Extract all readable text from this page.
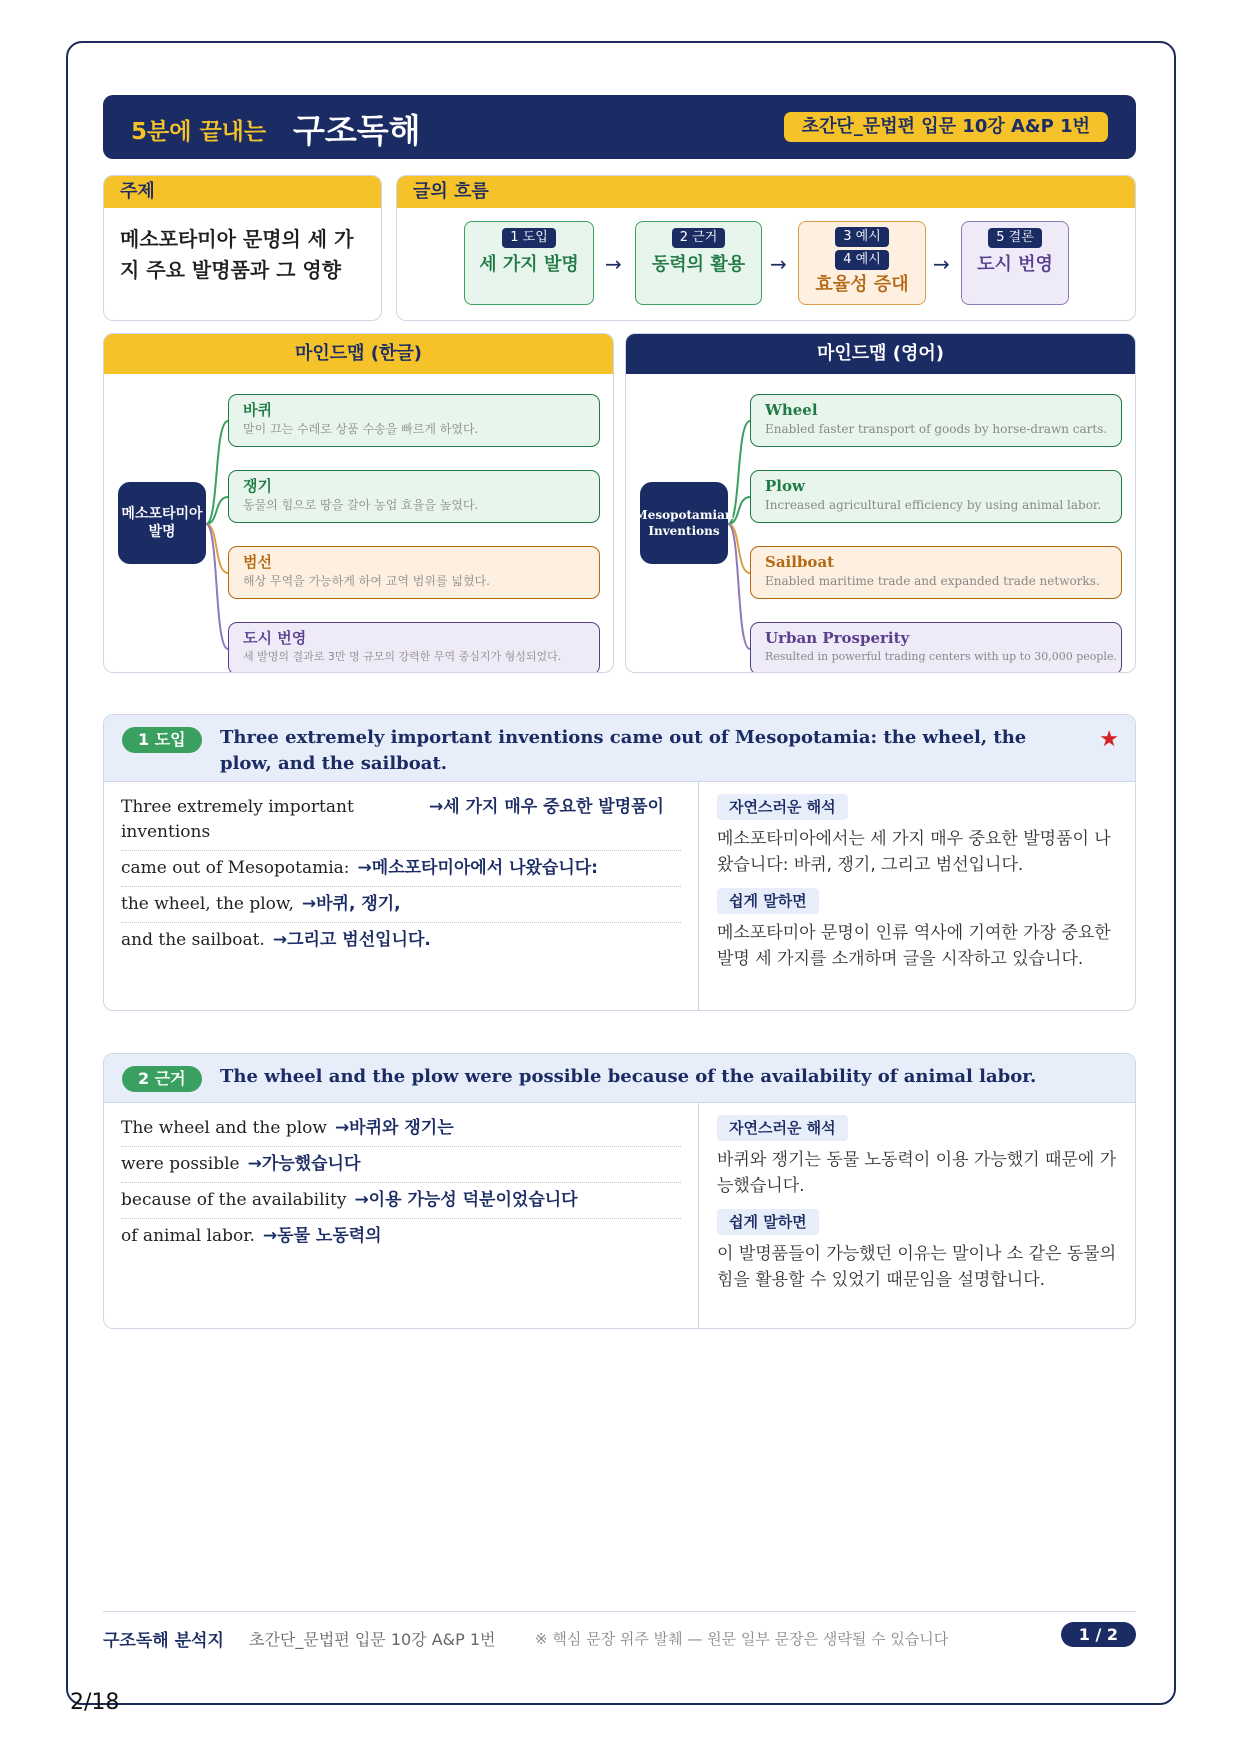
5분에 끝내는 구조독해	초간단_문법편 입문 10강 A&P 1번
주제
메소포타미아 문명의 세 가지 주요 발명품과 그 영향
글의 흐름
1 도입
세 가지 발명	→
2 근거
동력의 활용	→
3 예시
4 예시
효율성 증대
→
5 결론
도시 번영
마인드맵 (한글)
메소포타미아 발명
바퀴
말이 끄는 수레로 상품 수송을 빠르게 하였다.
쟁기
동물의 힘으로 땅을 갈아 농업 효율을 높였다.
범선
해상 무역을 가능하게 하여 교역 범위를 넓혔다.
도시 번영
세 발명의 결과로 3만 명 규모의 강력한 무역 중심지가 형성되었다.
마인드맵 (영어)
Mesopotamian Inventions
Wheel
Enabled faster transport of goods by horse-drawn carts.
Plow
Increased agricultural efficiency by using animal labor.
Sailboat
Enabled maritime trade and expanded trade networks.
Urban Prosperity
Resulted in powerful trading centers with up to 30,000 people.
1 도입	Three extremely important inventions came out of Mesopotamia: the wheel, the plow, and the sailboat.
★
Three extremely important inventions
→세 가지 매우 중요한 발명품이
came out of Mesopotamia: →메소포타미아에서 나왔습니다:
the wheel, the plow, →바퀴, 쟁기,
and the sailboat. →그리고 범선입니다.
자연스러운 해석
메소포타미아에서는 세 가지 매우 중요한 발명품이 나왔습니다: 바퀴, 쟁기, 그리고 범선입니다.
쉽게 말하면
메소포타미아 문명이 인류 역사에 기여한 가장 중요한 발명 세 가지를 소개하며 글을 시작하고 있습니다.
2 근거	The wheel and the plow were possible because of the availability of animal labor.
The wheel and the plow →바퀴와 쟁기는
were possible →가능했습니다
because of the availability →이용 가능성 덕분이었습니다
of animal labor. →동물 노동력의
자연스러운 해석
바퀴와 쟁기는 동물 노동력이 이용 가능했기 때문에 가능했습니다.
쉽게 말하면
이 발명품들이 가능했던 이유는 말이나 소 같은 동물의 힘을 활용할 수 있었기 때문임을 설명합니다.
구조독해 분석지 초간단_문법편 입문 10강 A&P 1번	※ 핵심 문장 위주 발췌 — 원문 일부 문장은 생략될 수 있습니다	1 / 2
2/18
